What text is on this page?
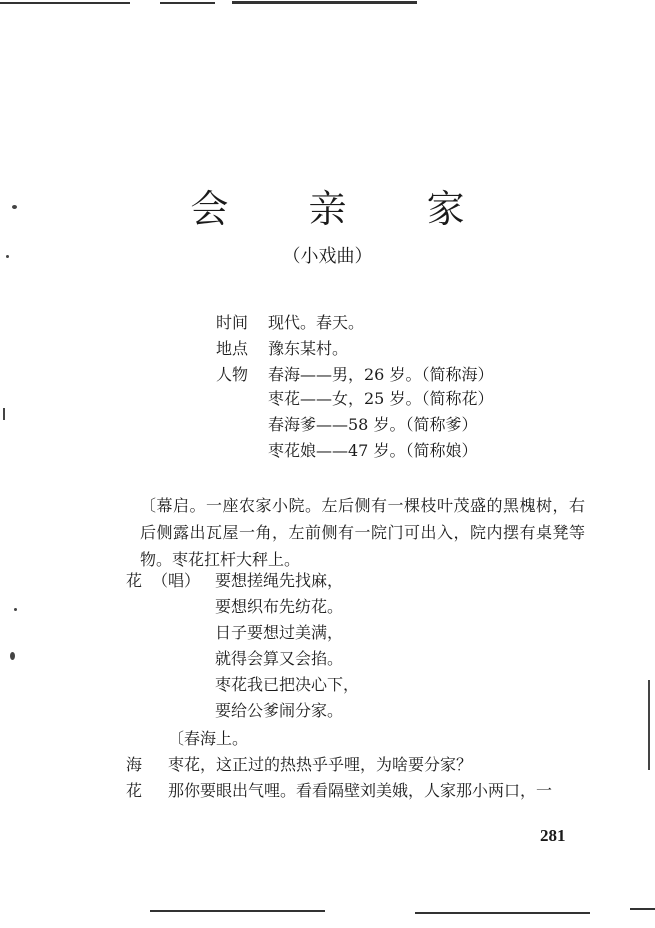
会 亲 家
（小戏曲）
时间 现代。春天。
地点 豫东某村。
人物 春海——男，26 岁。（简称海）
枣花——女，25 岁。（简称花）
春海爹——58 岁。（简称爹）
枣花娘——47 岁。（简称娘）
〔幕启。一座农家小院。左后侧有一棵枝叶茂盛的黑槐树，右后侧露出瓦屋一角，左前侧有一院门可出入，院内摆有桌凳等物。枣花扛杆大秤上。
花 （唱） 要想搓绳先找麻，
要想织布先纺花。
日子要想过美满，
就得会算又会掐。
枣花我已把决心下，
要给公爹闹分家。
〔春海上。
海 枣花，这正过的热热乎乎哩，为啥要分家？
花 那你要眼出气哩。看看隔壁刘美娥，人家那小两口，一
281
